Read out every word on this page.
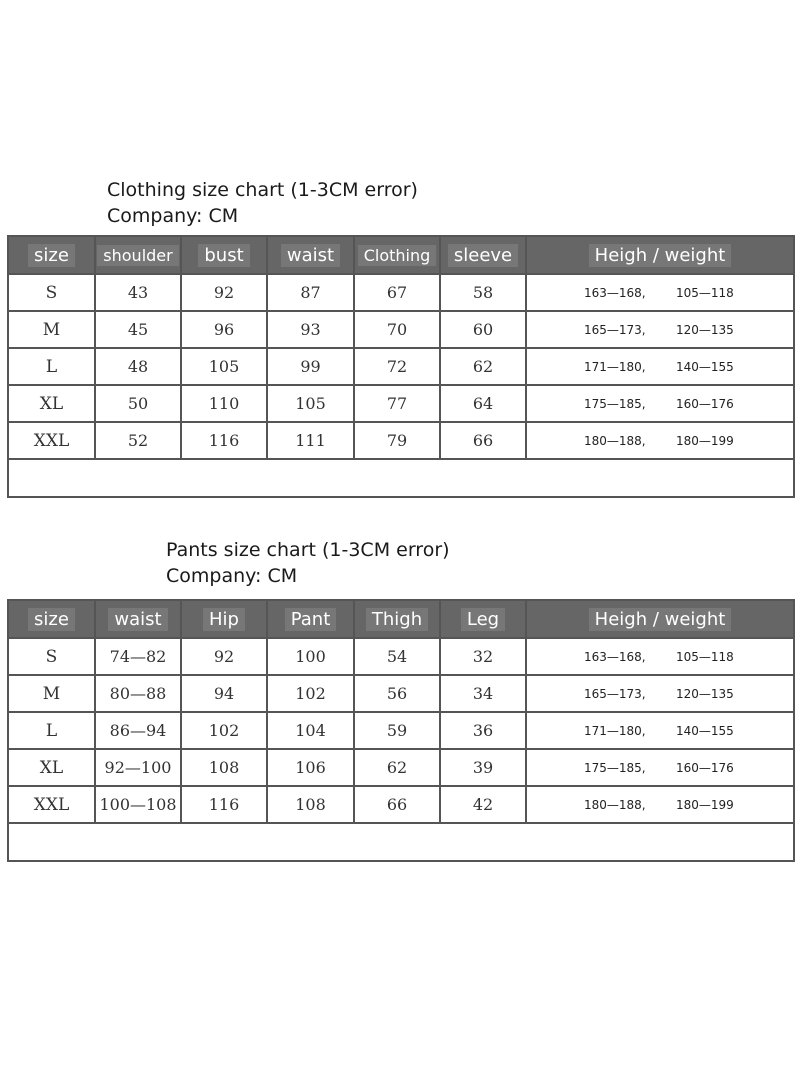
Clothing size chart (1-3CM error)
Company: CM
size	shoulder	bust	waist	Clothing	sleeve	Heigh / weight
S	43	92	87	67	58	163—168, 105—118
M	45	96	93	70	60	165—173, 120—135
L	48	105	99	72	62	171—180, 140—155
XL	50	110	105	77	64	175—185, 160—176
XXL	52	116	111	79	66	180—188, 180—199

Pants size chart (1-3CM error)
Company: CM
size	waist	Hip	Pant	Thigh	Leg	Heigh / weight
S	74—82	92	100	54	32	163—168, 105—118
M	80—88	94	102	56	34	165—173, 120—135
L	86—94	102	104	59	36	171—180, 140—155
XL	92—100	108	106	62	39	175—185, 160—176
XXL	100—108	116	108	66	42	180—188, 180—199
